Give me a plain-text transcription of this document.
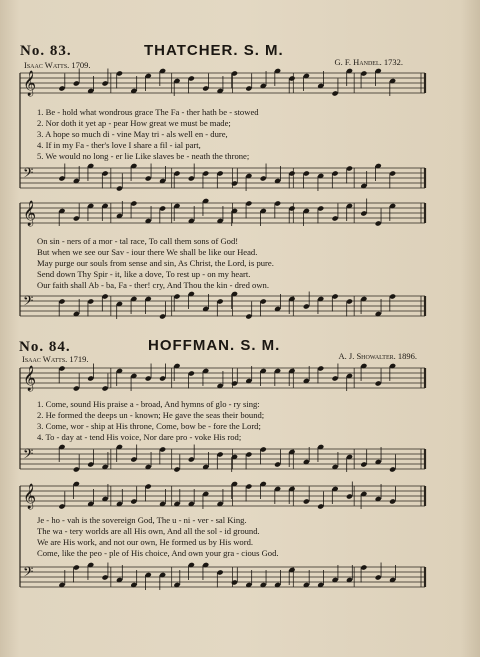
No. 83.	THATCHER. S. M.
Isaac Watts. 1709.	G. F. Handel. 1732.
1. Be - hold what wondrous grace The Fa - ther hath be - stowed
2. Nor doth it yet ap - pear How great we must be made;
3. A hope so much di - vine May tri - als well en - dure,
4. If in my Fa - ther's love I share a fil - ial part,
5. We would no long - er lie Like slaves be - neath the throne;
On sin - ners of a mor - tal race, To call them sons of God!
But when we see our Sav - iour there We shall be like our Head.
May purge our souls from sense and sin, As Christ, the Lord, is pure.
Send down Thy Spir - it, like a dove, To rest up - on my heart.
Our faith shall Ab - ba, Fa - ther! cry, And Thou the kin - dred own.
No. 84.	HOFFMAN. S. M.
Isaac Watts. 1719.	A. J. Showalter. 1896.
1. Come, sound His praise a - broad, And hymns of glo - ry sing:
2. He formed the deeps un - known; He gave the seas their bound;
3. Come, wor - ship at His throne, Come, bow be - fore the Lord;
4. To - day at - tend His voice, Nor dare pro - voke His rod;
Je - ho - vah is the sovereign God, The u - ni - ver - sal King.
The wa - tery worlds are all His own, And all the sol - id ground.
We are His work, and not our own, He formed us by His word.
Come, like the peo - ple of His choice, And own your gra - cious God.
𝄞
𝄢
𝄞
𝄢
𝄞
𝄢
𝄞
𝄢
